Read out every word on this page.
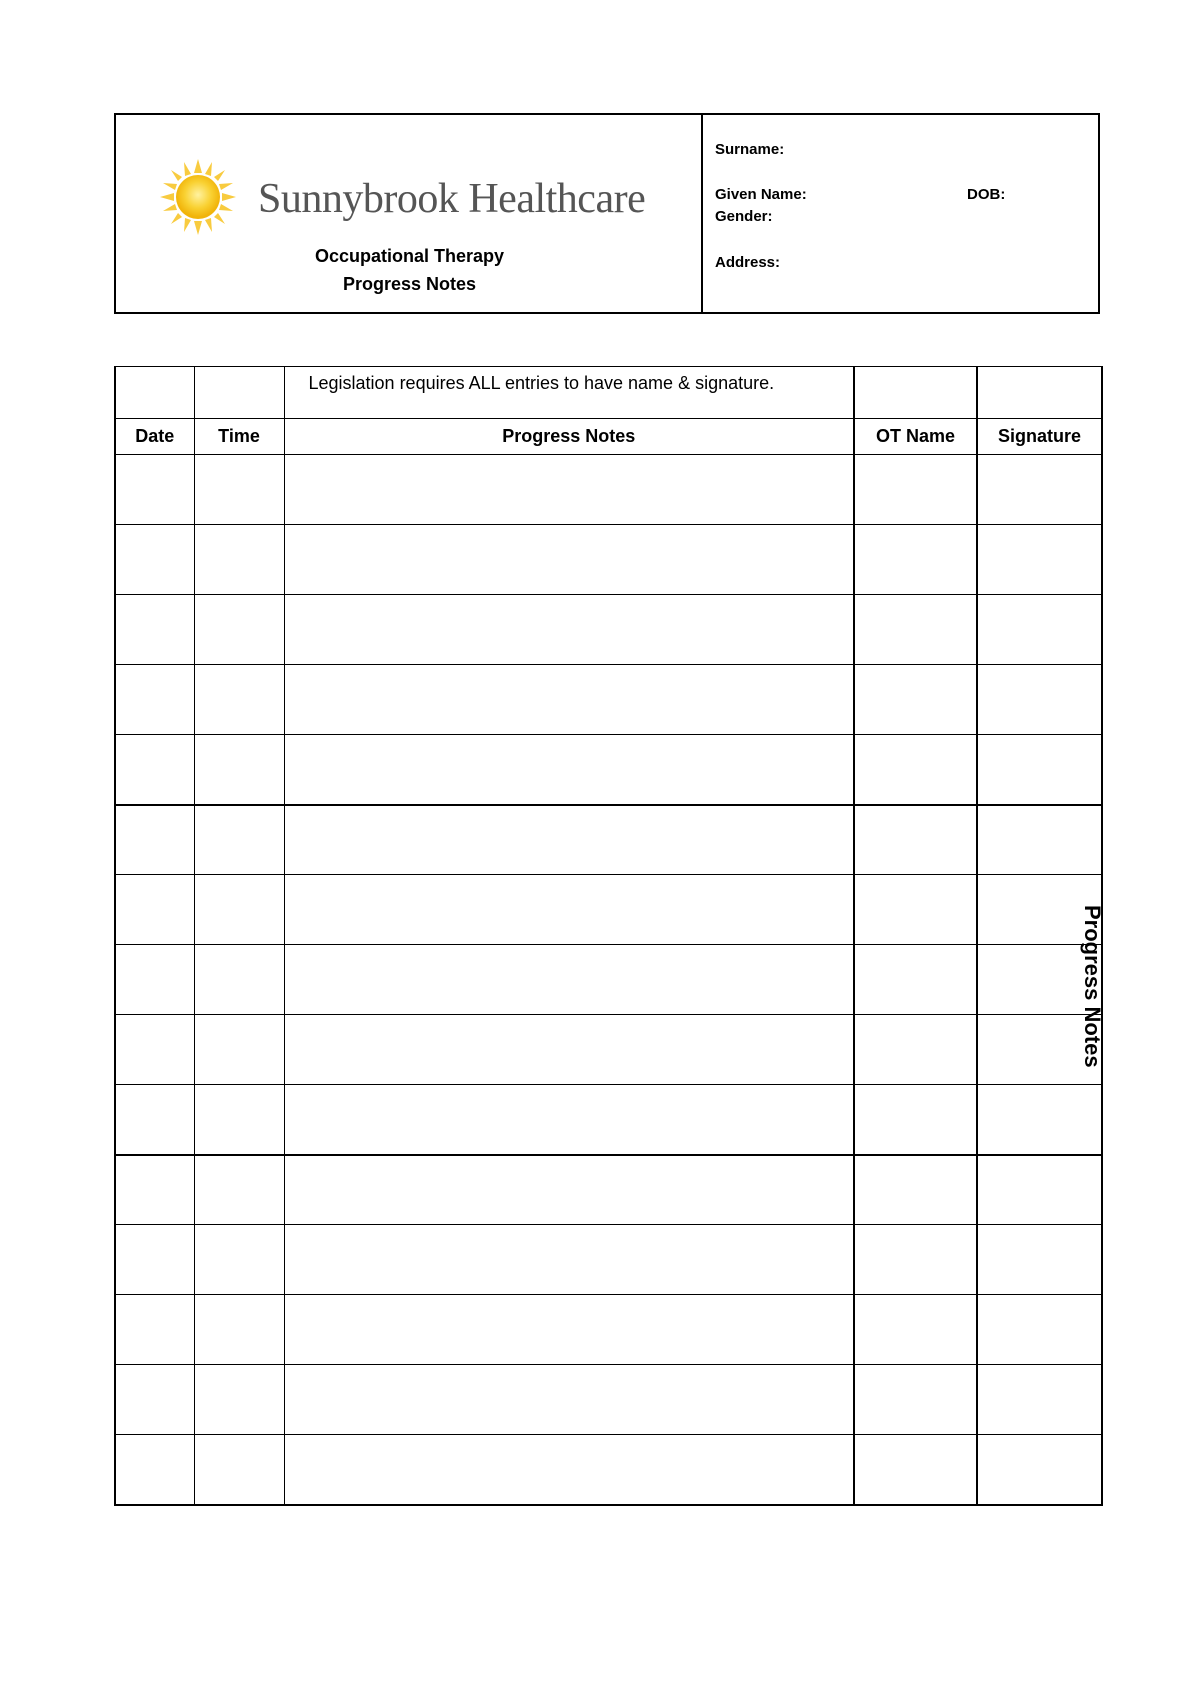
Sunnybrook Healthcare
Occupational Therapy
Progress Notes
Surname:
Given Name:	DOB:
Gender:
Address:
		Legislation requires ALL entries to have name & signature.		
Date	Time	Progress Notes	OT Name	Signature

Progress Notes
